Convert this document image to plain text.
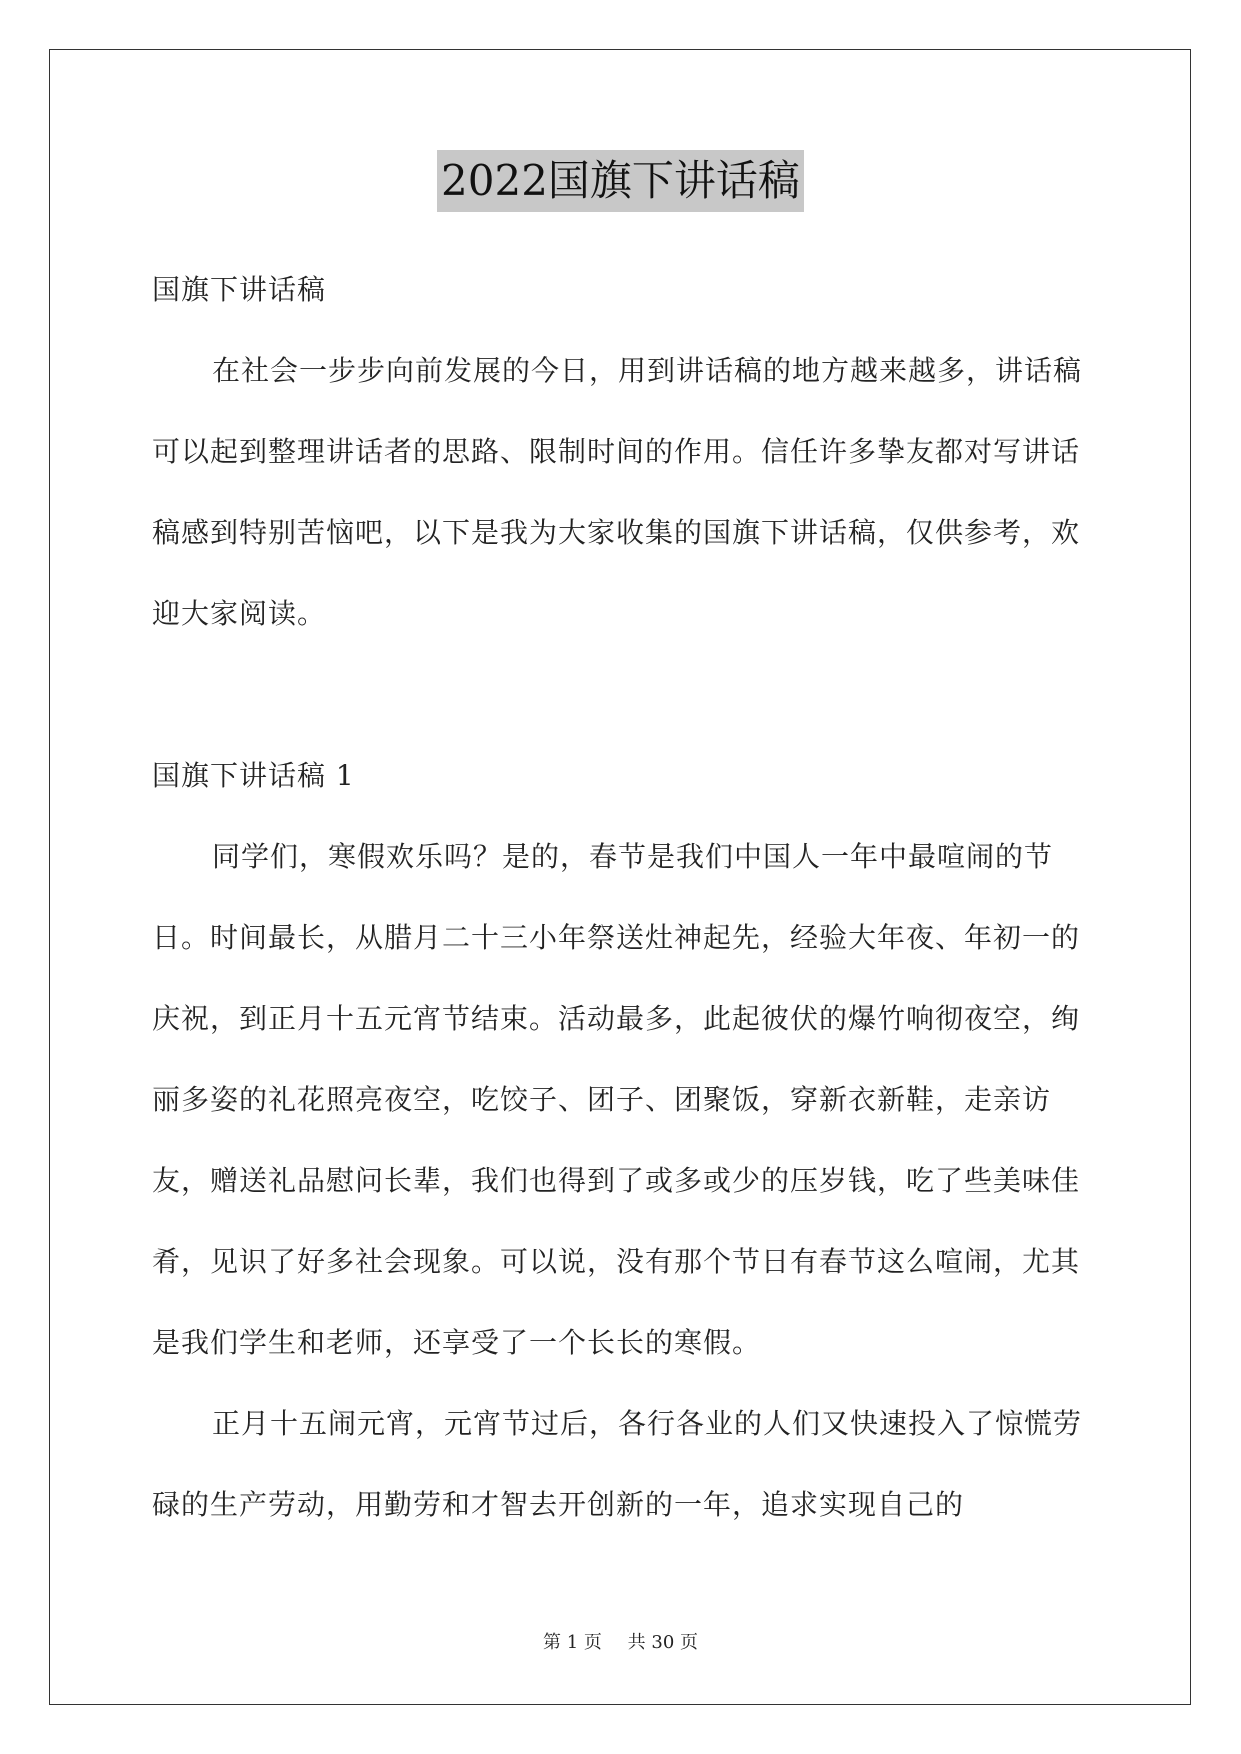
2022国旗下讲话稿

国旗下讲话稿

在社会一步步向前发展的今日，用到讲话稿的地方越来越多，讲话稿可以起到整理讲话者的思路、限制时间的作用。信任许多挚友都对写讲话稿感到特别苦恼吧，以下是我为大家收集的国旗下讲话稿，仅供参考，欢迎大家阅读。

国旗下讲话稿 1

同学们，寒假欢乐吗？是的，春节是我们中国人一年中最喧闹的节日。时间最长，从腊月二十三小年祭送灶神起先，经验大年夜、年初一的庆祝，到正月十五元宵节结束。活动最多，此起彼伏的爆竹响彻夜空，绚丽多姿的礼花照亮夜空，吃饺子、团子、团聚饭，穿新衣新鞋，走亲访友，赠送礼品慰问长辈，我们也得到了或多或少的压岁钱，吃了些美味佳肴，见识了好多社会现象。可以说，没有那个节日有春节这么喧闹，尤其是我们学生和老师，还享受了一个长长的寒假。

正月十五闹元宵，元宵节过后，各行各业的人们又快速投入了惊慌劳碌的生产劳动，用勤劳和才智去开创新的一年，追求实现自己的

第 1 页 共 30 页
